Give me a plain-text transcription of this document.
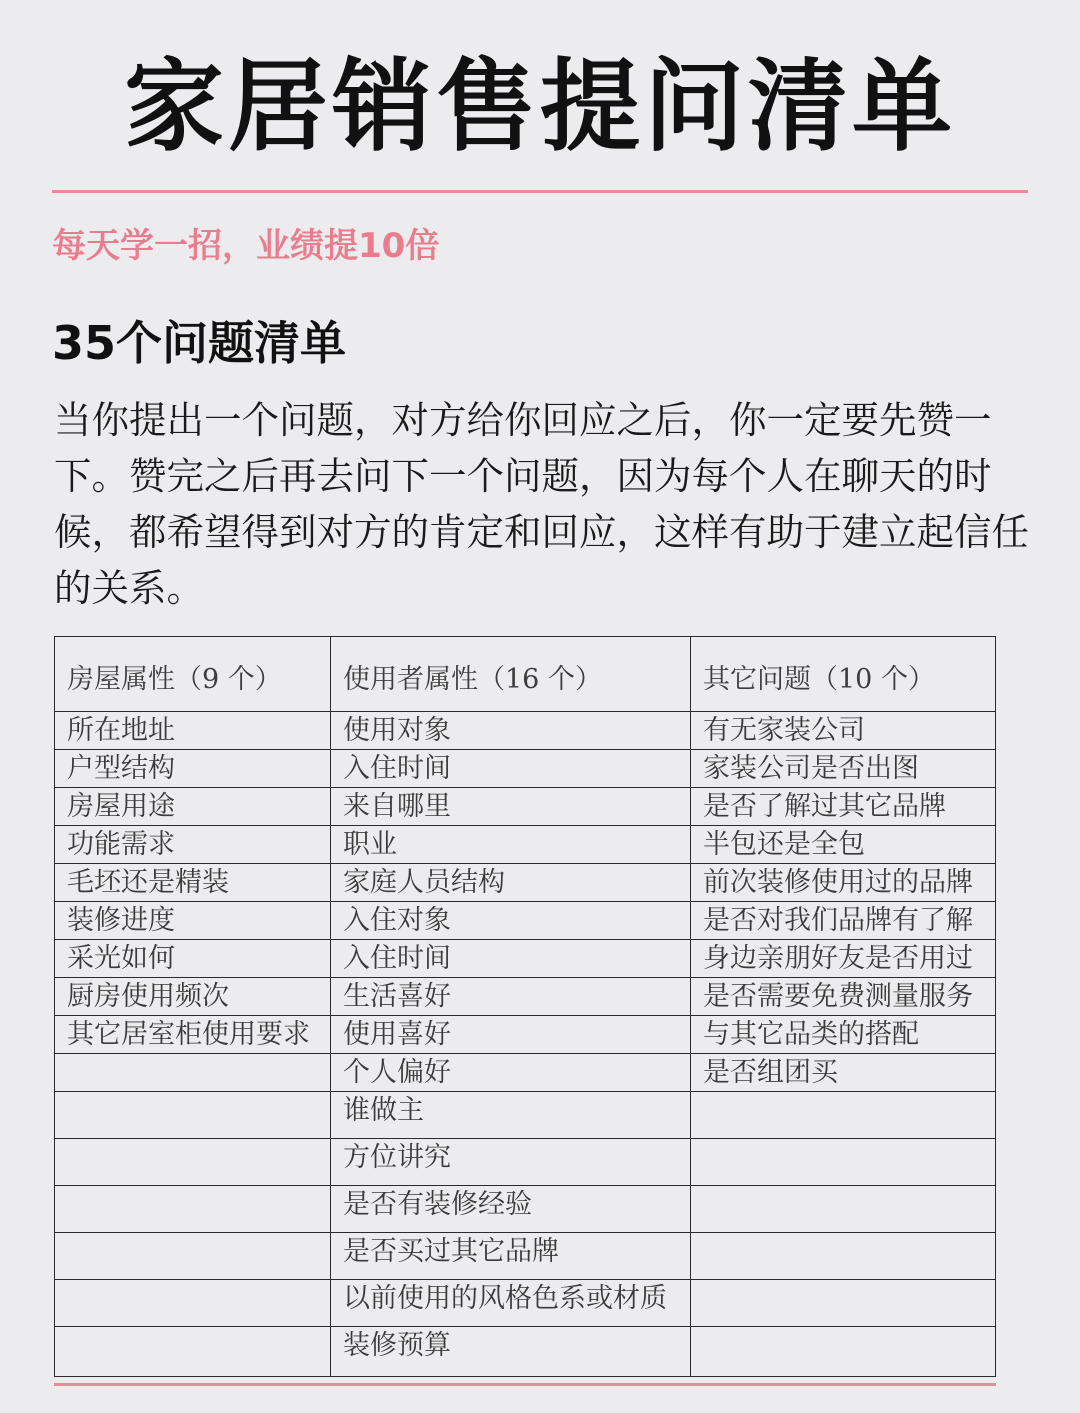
家居销售提问清单
每天学一招，业绩提10倍
35个问题清单
当你提出一个问题，对方给你回应之后，你一定要先赞一下。赞完之后再去问下一个问题，因为每个人在聊天的时候，都希望得到对方的肯定和回应，这样有助于建立起信任的关系。
房屋属性（9 个）	使用者属性（16 个）	其它问题（10 个）
所在地址	使用对象	有无家装公司
户型结构	入住时间	家装公司是否出图
房屋用途	来自哪里	是否了解过其它品牌
功能需求	职业	半包还是全包
毛坯还是精装	家庭人员结构	前次装修使用过的品牌
装修进度	入住对象	是否对我们品牌有了解
采光如何	入住时间	身边亲朋好友是否用过
厨房使用频次	生活喜好	是否需要免费测量服务
其它居室柜使用要求	使用喜好	与其它品类的搭配
	个人偏好	是否组团买
	谁做主	
	方位讲究	
	是否有装修经验	
	是否买过其它品牌	
	以前使用的风格色系或材质	
	装修预算	
